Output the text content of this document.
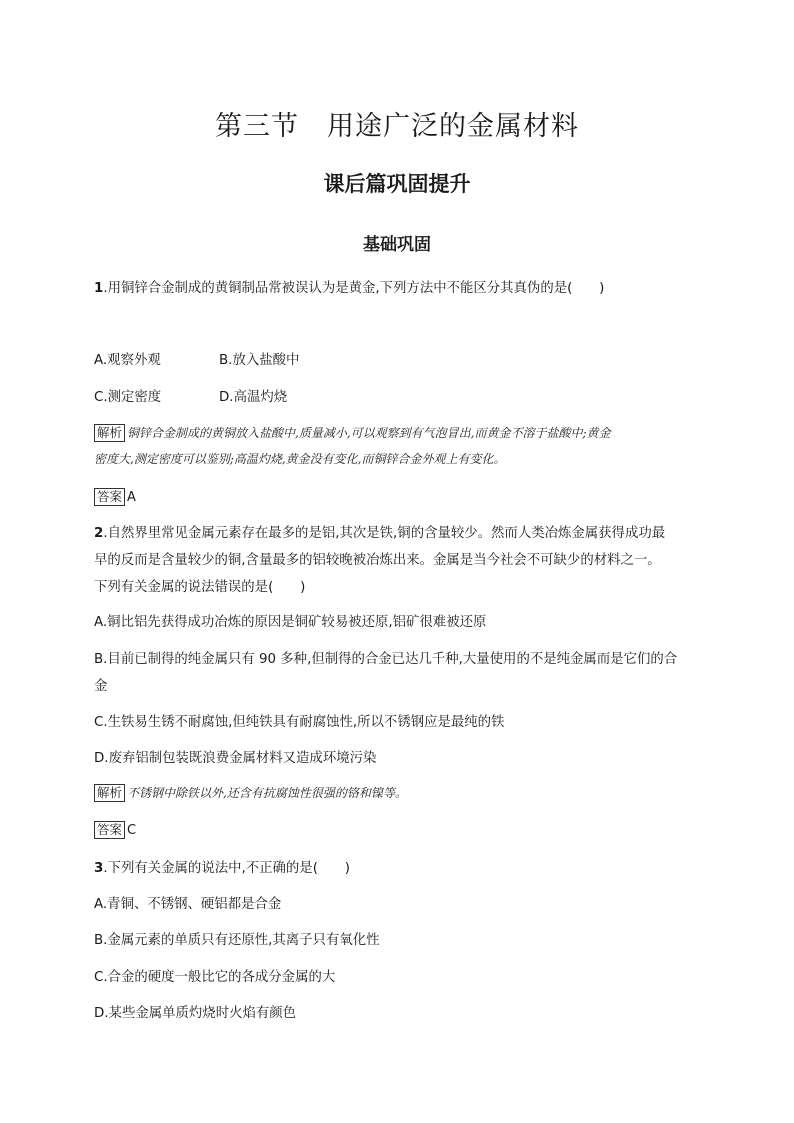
第三节　用途广泛的金属材料
课后篇巩固提升
基础巩固
1.用铜锌合金制成的黄铜制品常被误认为是黄金,下列方法中不能区分其真伪的是(　　)
A.观察外观	B.放入盐酸中
C.测定密度	D.高温灼烧
解析 铜锌合金制成的黄铜放入盐酸中,质量减小,可以观察到有气泡冒出,而黄金不溶于盐酸中;黄金
密度大,测定密度可以鉴别;高温灼烧,黄金没有变化,而铜锌合金外观上有变化。
答案 A
2.自然界里常见金属元素存在最多的是铝,其次是铁,铜的含量较少。然而人类冶炼金属获得成功最
早的反而是含量较少的铜,含量最多的铝较晚被冶炼出来。金属是当今社会不可缺少的材料之一。
下列有关金属的说法错误的是(　　)
A.铜比铝先获得成功冶炼的原因是铜矿较易被还原,铝矿很难被还原
B.目前已制得的纯金属只有 90 多种,但制得的合金已达几千种,大量使用的不是纯金属而是它们的合
金
C.生铁易生锈不耐腐蚀,但纯铁具有耐腐蚀性,所以不锈钢应是最纯的铁
D.废弃铝制包装既浪费金属材料又造成环境污染
解析 不锈钢中除铁以外,还含有抗腐蚀性很强的铬和镍等。
答案 C
3.下列有关金属的说法中,不正确的是(　　)
A.青铜、不锈钢、硬铝都是合金
B.金属元素的单质只有还原性,其离子只有氧化性
C.合金的硬度一般比它的各成分金属的大
D.某些金属单质灼烧时火焰有颜色
